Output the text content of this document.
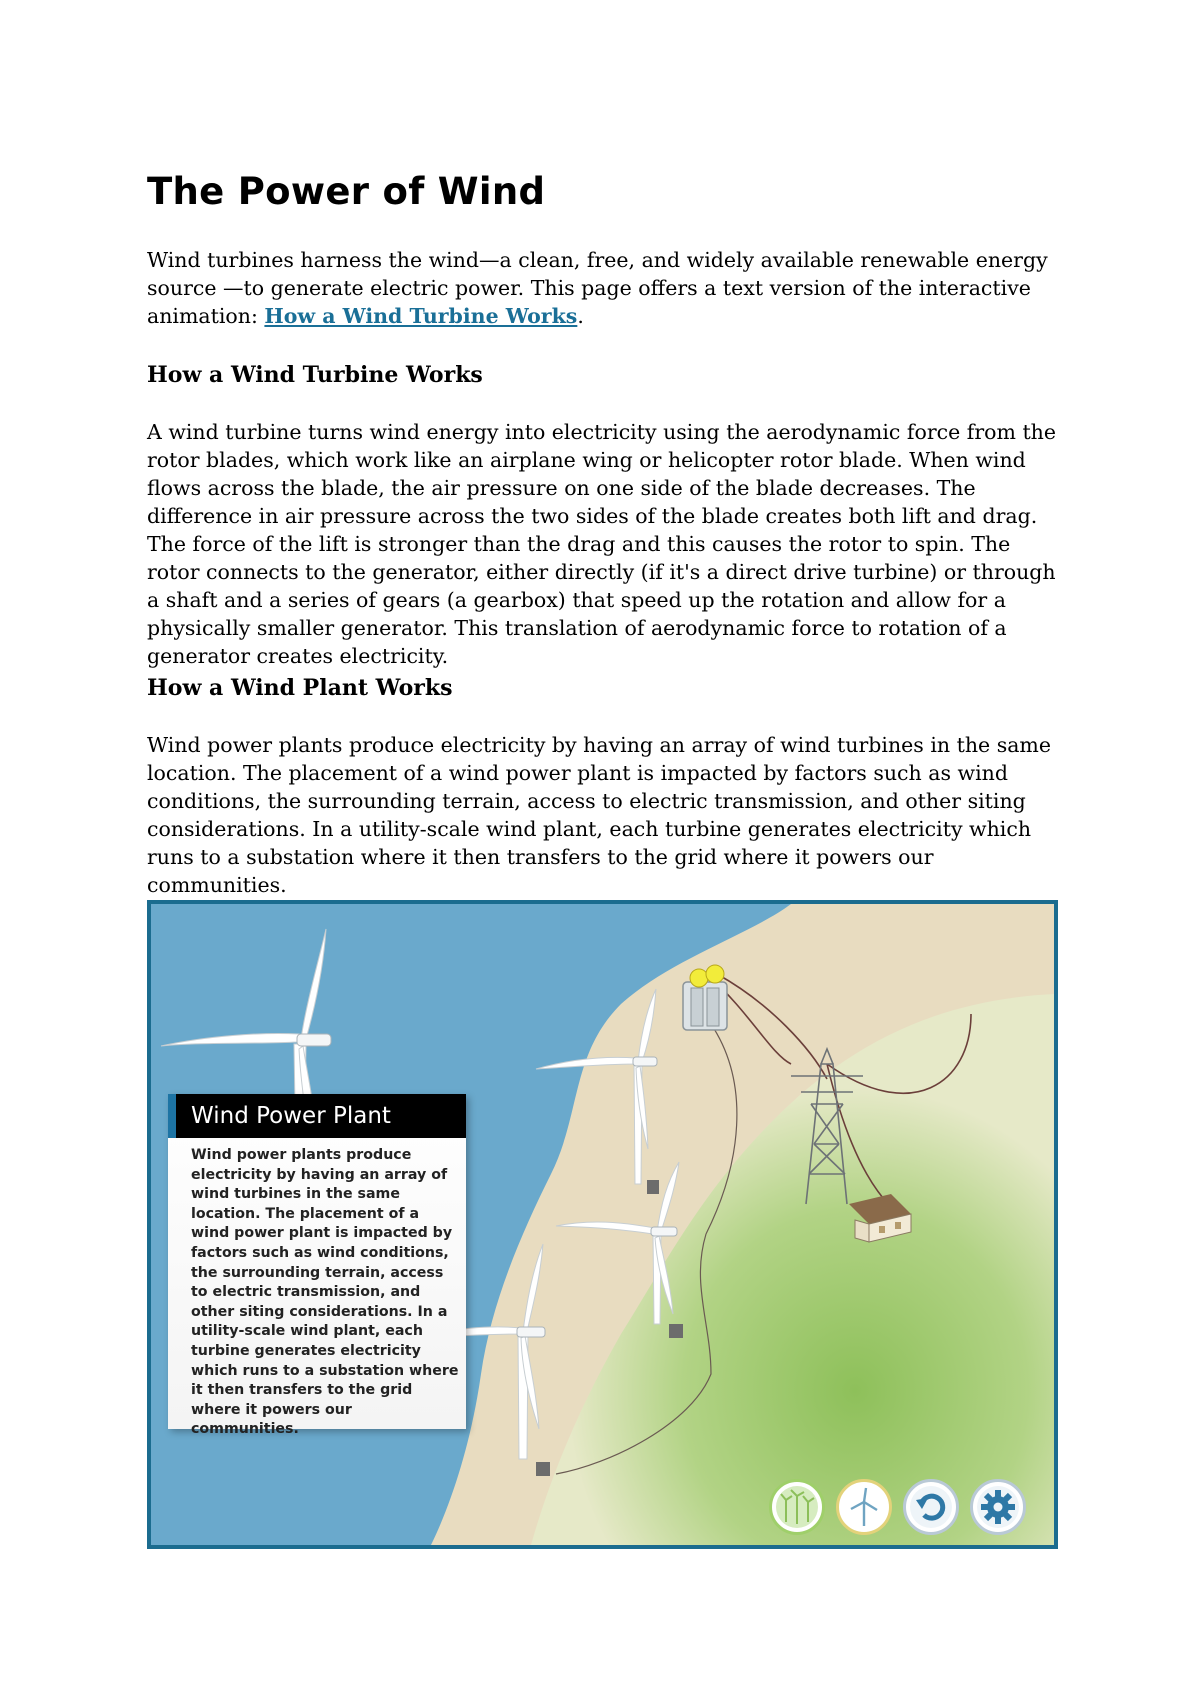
The Power of Wind

Wind turbines harness the wind—a clean, free, and widely available renewable energy source —to generate electric power. This page offers a text version of the interactive animation: How a Wind Turbine Works.

How a Wind Turbine Works

A wind turbine turns wind energy into electricity using the aerodynamic force from the rotor blades, which work like an airplane wing or helicopter rotor blade. When wind flows across the blade, the air pressure on one side of the blade decreases. The difference in air pressure across the two sides of the blade creates both lift and drag. The force of the lift is stronger than the drag and this causes the rotor to spin. The rotor connects to the generator, either directly (if it's a direct drive turbine) or through a shaft and a series of gears (a gearbox) that speed up the rotation and allow for a physically smaller generator. This translation of aerodynamic force to rotation of a generator creates electricity.

How a Wind Plant Works

Wind power plants produce electricity by having an array of wind turbines in the same location. The placement of a wind power plant is impacted by factors such as wind conditions, the surrounding terrain, access to electric transmission, and other siting considerations. In a utility-scale wind plant, each turbine generates electricity which runs to a substation where it then transfers to the grid where it powers our communities.

Wind Power Plant
Wind power plants produce electricity by having an array of wind turbines in the same location. The placement of a wind power plant is impacted by factors such as wind conditions, the surrounding terrain, access to electric transmission, and other siting considerations. In a utility-scale wind plant, each turbine generates electricity which runs to a substation where it then transfers to the grid where it powers our communities.
